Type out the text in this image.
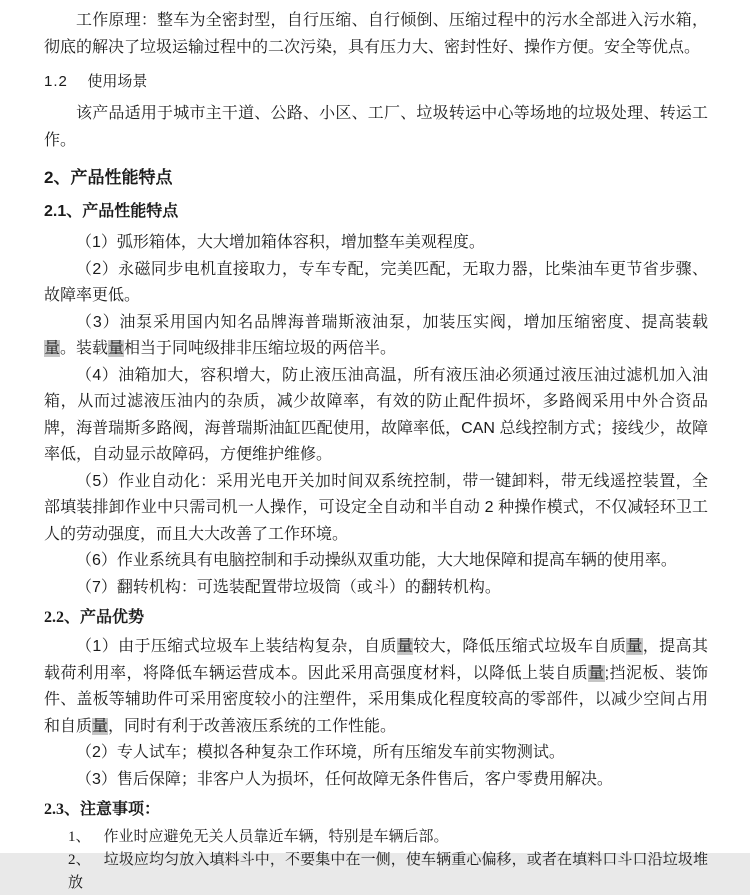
工作原理：整车为全密封型，自行压缩、自行倾倒、压缩过程中的污水全部进入污水箱，彻底的解决了垃圾运输过程中的二次污染，具有压力大、密封性好、操作方便。安全等优点。

1.2 使用场景

该产品适用于城市主干道、公路、小区、工厂、垃圾转运中心等场地的垃圾处理、转运工作。

2、产品性能特点
2.1、产品性能特点

（1）弧形箱体，大大增加箱体容积，增加整车美观程度。

（2）永磁同步电机直接取力，专车专配，完美匹配，无取力器，比柴油车更节省步骤、故障率更低。

（3）油泵采用国内知名品牌海普瑞斯液油泵，加装压实阀，增加压缩密度、提高装载量。装载量相当于同吨级排非压缩垃圾的两倍半。

（4）油箱加大，容积增大，防止液压油高温，所有液压油必须通过液压油过滤机加入油箱，从而过滤液压油内的杂质，减少故障率，有效的防止配件损坏，多路阀采用中外合资品牌，海普瑞斯多路阀，海普瑞斯油缸匹配使用，故障率低，CAN 总线控制方式；接线少，故障率低，自动显示故障码，方便维护维修。

（5）作业自动化：采用光电开关加时间双系统控制，带一键卸料，带无线遥控装置，全部填装排卸作业中只需司机一人操作，可设定全自动和半自动 2 种操作模式，不仅减轻环卫工人的劳动强度，而且大大改善了工作环境。

（6）作业系统具有电脑控制和手动操纵双重功能，大大地保障和提高车辆的使用率。

（7）翻转机构：可选装配置带垃圾筒（或斗）的翻转机构。

2.2、产品优势

（1）由于压缩式垃圾车上装结构复杂，自质量较大，降低压缩式垃圾车自质量，提高其载荷利用率，将降低车辆运营成本。因此采用高强度材料，以降低上装自质量;挡泥板、装饰件、盖板等辅助件可采用密度较小的注塑件，采用集成化程度较高的零部件，以减少空间占用和自质量，同时有利于改善液压系统的工作性能。

（2）专人试车；模拟各种复杂工作环境，所有压缩发车前实物测试。

（3）售后保障；非客户人为损坏，任何故障无条件售后，客户零费用解决。

2.3、注意事项：

1、 作业时应避免无关人员靠近车辆，特别是车辆后部。

2、 垃圾应均匀放入填料斗中，不要集中在一侧，使车辆重心偏移，或者在填料口斗口沿垃圾堆放
